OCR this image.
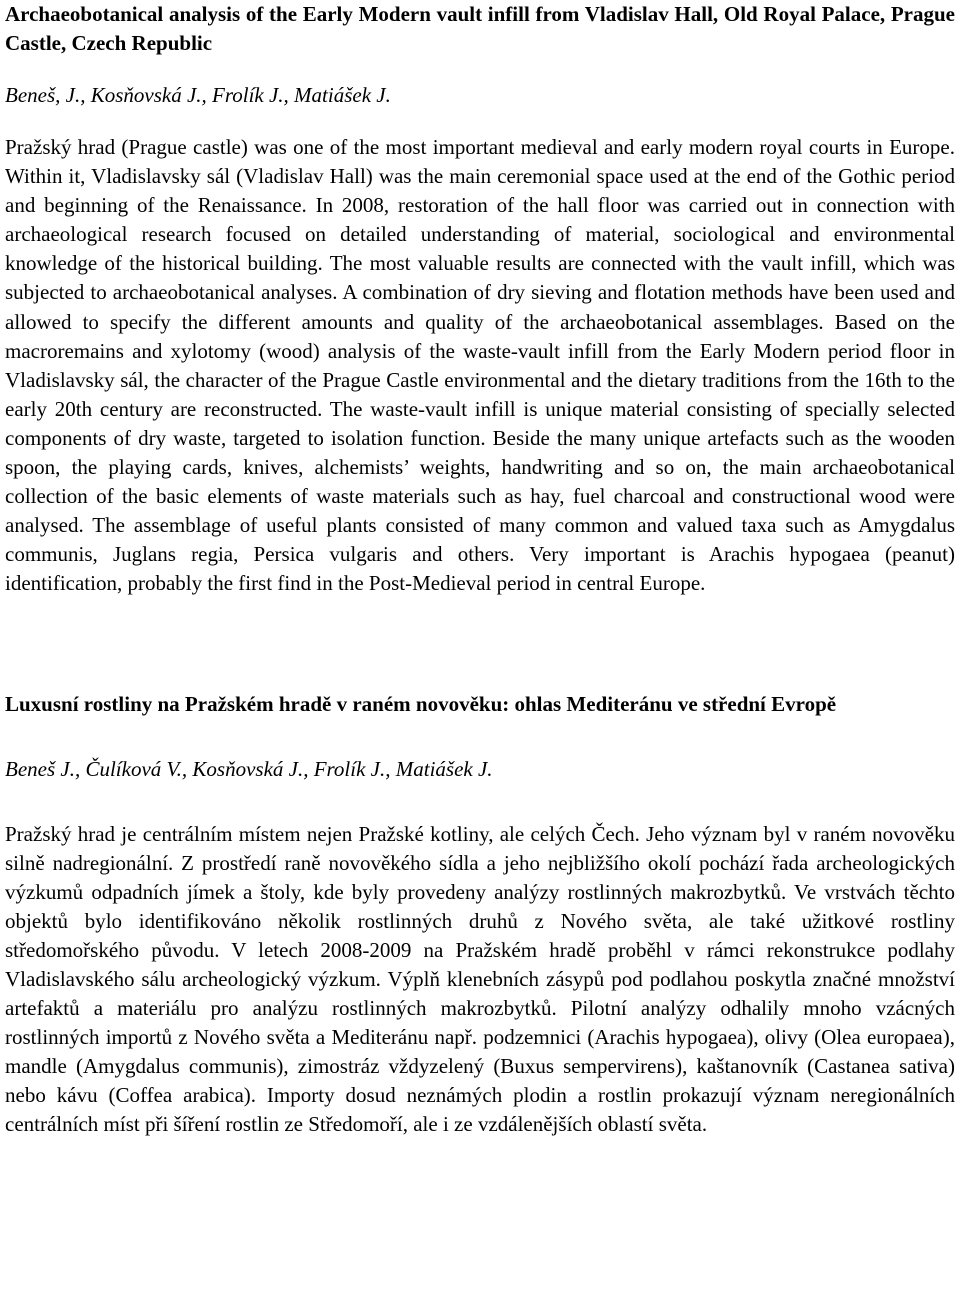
Archaeobotanical analysis of the Early Modern vault infill from Vladislav Hall, Old Royal Palace, Prague Castle, Czech Republic

Beneš, J., Kosňovská J., Frolík J., Matiášek J.

Pražský hrad (Prague castle) was one of the most important medieval and early modern royal courts in Europe. Within it, Vladislavsky sál (Vladislav Hall) was the main ceremonial space used at the end of the Gothic period and beginning of the Renaissance. In 2008, restoration of the hall floor was carried out in connection with archaeological research focused on detailed understanding of material, sociological and environmental knowledge of the historical building. The most valuable results are connected with the vault infill, which was subjected to archaeobotanical analyses. A combination of dry sieving and flotation methods have been used and allowed to specify the different amounts and quality of the archaeobotanical assemblages. Based on the macroremains and xylotomy (wood) analysis of the waste-vault infill from the Early Modern period floor in Vladislavsky sál, the character of the Prague Castle environmental and the dietary traditions from the 16th to the early 20th century are reconstructed. The waste-vault infill is unique material consisting of specially selected components of dry waste, targeted to isolation function. Beside the many unique artefacts such as the wooden spoon, the playing cards, knives, alchemists’ weights, handwriting and so on, the main archaeobotanical collection of the basic elements of waste materials such as hay, fuel charcoal and constructional wood were analysed. The assemblage of useful plants consisted of many common and valued taxa such as Amygdalus communis, Juglans regia, Persica vulgaris and others. Very important is Arachis hypogaea (peanut) identification, probably the first find in the Post-Medieval period in central Europe.

Luxusní rostliny na Pražském hradě v raném novověku: ohlas Mediteránu ve střední Evropě

Beneš J., Čulíková V., Kosňovská J., Frolík J., Matiášek J.

Pražský hrad je centrálním místem nejen Pražské kotliny, ale celých Čech. Jeho význam byl v raném novověku silně nadregionální. Z prostředí raně novověkého sídla a jeho nejbližšího okolí pochází řada archeologických výzkumů odpadních jímek a štoly, kde byly provedeny analýzy rostlinných makrozbytků. Ve vrstvách těchto objektů bylo identifikováno několik rostlinných druhů z Nového světa, ale také užitkové rostliny středomořského původu. V letech 2008-2009 na Pražském hradě proběhl v rámci rekonstrukce podlahy Vladislavského sálu archeologický výzkum. Výplň klenebních zásypů pod podlahou poskytla značné množství artefaktů a materiálu pro analýzu rostlinných makrozbytků. Pilotní analýzy odhalily mnoho vzácných rostlinných importů z Nového světa a Mediteránu např. podzemnici (Arachis hypogaea), olivy (Olea europaea), mandle (Amygdalus communis), zimostráz vždyzelený (Buxus sempervirens), kaštanovník (Castanea sativa) nebo kávu (Coffea arabica). Importy dosud neznámých plodin a rostlin prokazují význam neregionálních centrálních míst při šíření rostlin ze Středomoří, ale i ze vzdálenějších oblastí světa.
